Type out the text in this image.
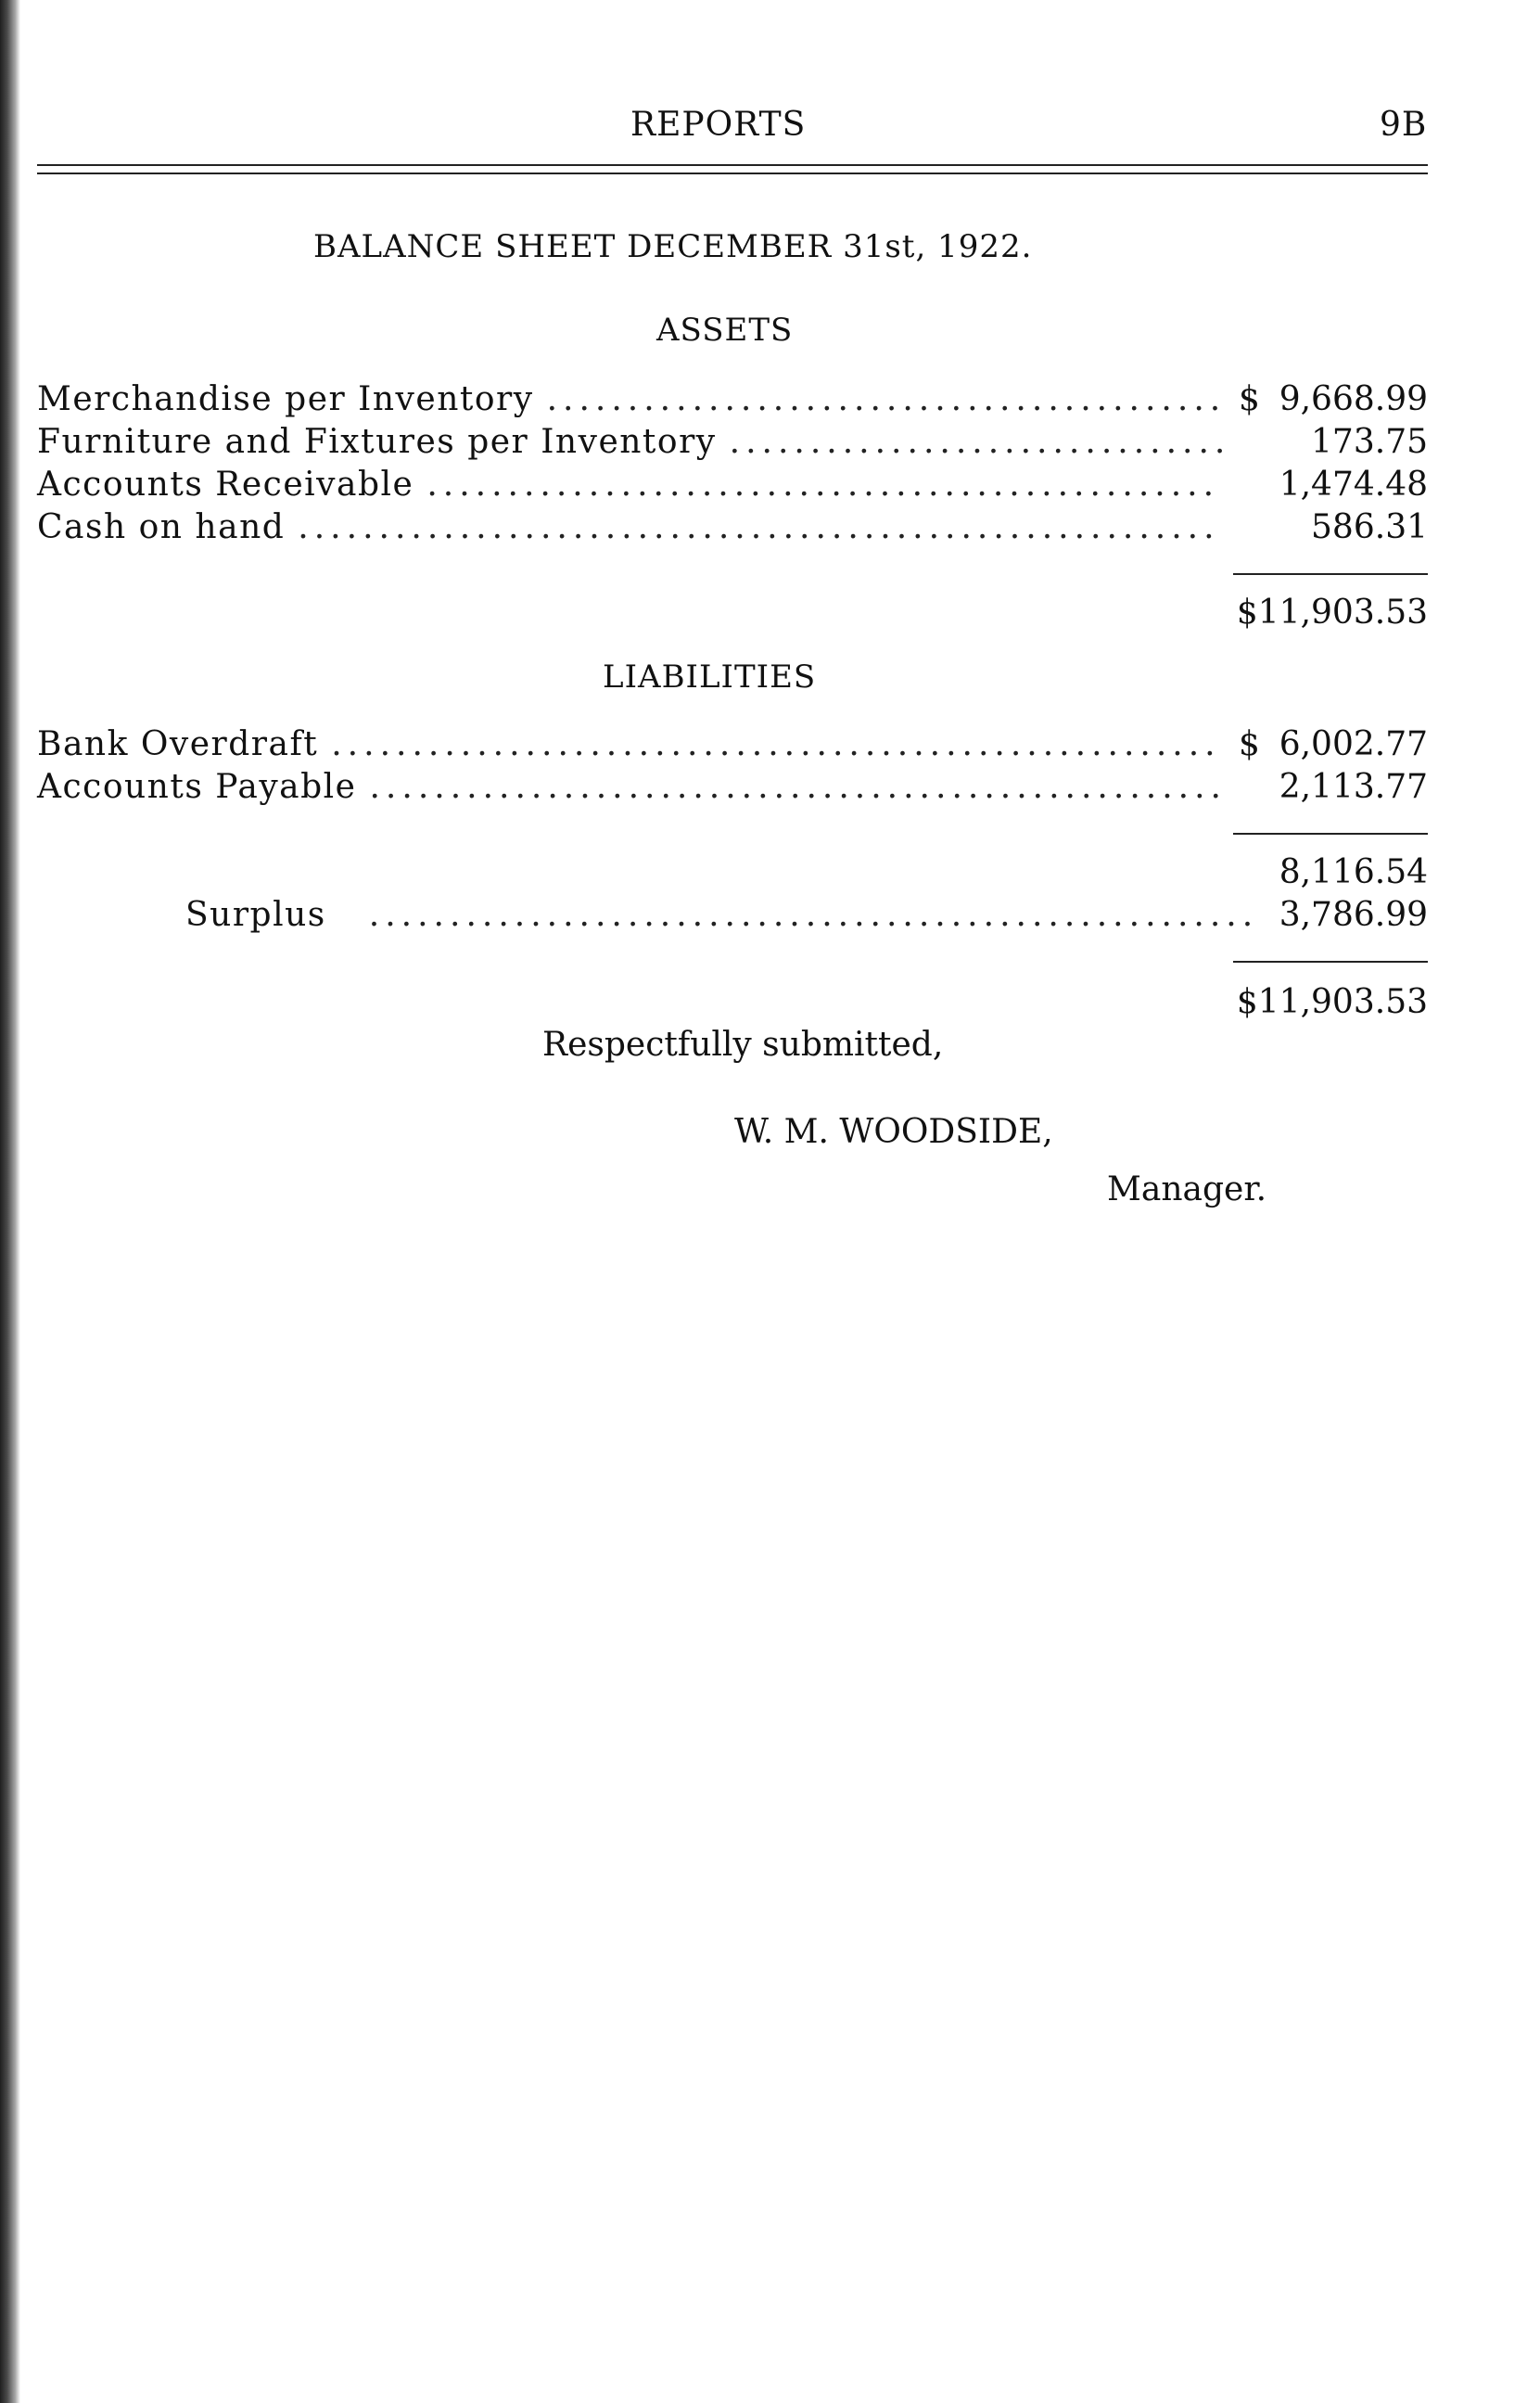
REPORTS	9B
BALANCE SHEET DECEMBER 31st, 1922.
ASSETS
Merchandise per Inventory .....	$ 9,668.99
Furniture and Fixtures per Inventory .....	173.75
Accounts Receivable .....	1,474.48
Cash on hand .....	586.31
$11,903.53
LIABILITIES
Bank Overdraft .....	$ 6,002.77
Accounts Payable .....	2,113.77
8,116.54
Surplus .....	3,786.99
$11,903.53
Respectfully submitted,
W. M. WOODSIDE,
Manager.
